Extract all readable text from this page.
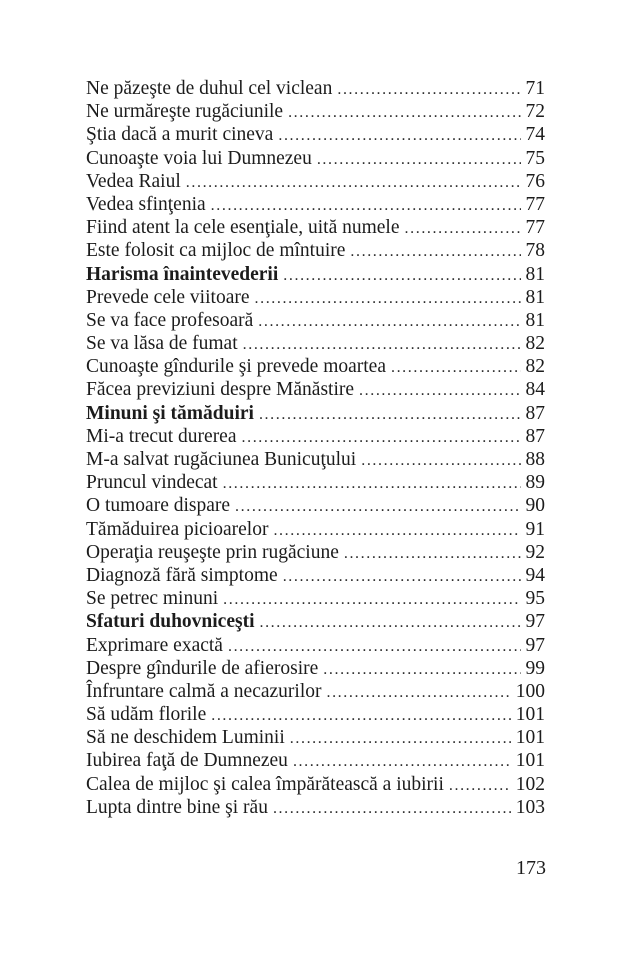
Ne păzeşte de duhul cel viclean .....	71
Ne urmăreşte rugăciunile .....	72
Ştia dacă a murit cineva .....	74
Cunoaşte voia lui Dumnezeu .....	75
Vedea Raiul .....	76
Vedea sfinţenia .....	77
Fiind atent la cele esenţiale, uită numele .....	77
Este folosit ca mijloc de mîntuire .....	78
Harisma înaintevederii .....	81
Prevede cele viitoare .....	81
Se va face profesoară .....	81
Se va lăsa de fumat .....	82
Cunoaşte gîndurile şi prevede moartea .....	82
Făcea previziuni despre Mănăstire .....	84
Minuni şi tămăduiri .....	87
Mi-a trecut durerea .....	87
M-a salvat rugăciunea Bunicuţului .....	88
Pruncul vindecat .....	89
O tumoare dispare .....	90
Tămăduirea picioarelor .....	91
Operaţia reuşeşte prin rugăciune .....	92
Diagnoză fără simptome .....	94
Se petrec minuni .....	95
Sfaturi duhovniceşti .....	97
Exprimare exactă .....	97
Despre gîndurile de afierosire .....	99
Înfruntare calmă a necazurilor .....	100
Să udăm florile .....	101
Să ne deschidem Luminii .....	101
Iubirea faţă de Dumnezeu .....	101
Calea de mijloc şi calea împărătească a iubirii .....	102
Lupta dintre bine şi rău .....	103
173
